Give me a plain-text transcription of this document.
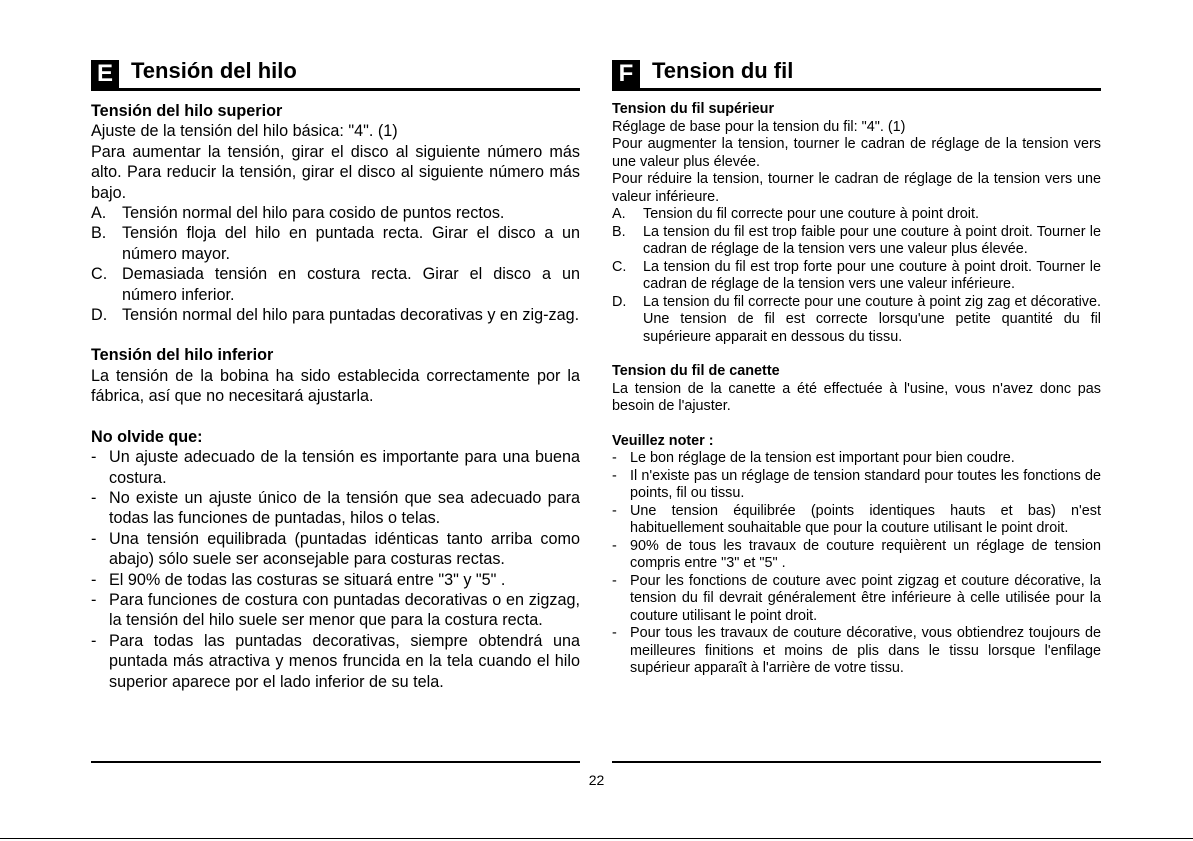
E Tensión del hilo

Tensión del hilo superior

Ajuste de la tensión del hilo básica: "4". (1)

Para aumentar la tensión, girar el disco al siguiente número más alto. Para reducir la tensión, girar el disco al siguiente número más bajo.

A. Tensión normal del hilo para cosido de puntos rectos.
B. Tensión floja del hilo en puntada recta. Girar el disco a un número mayor.
C. Demasiada tensión en costura recta. Girar el disco a un número inferior.
D. Tensión normal del hilo para puntadas decorativas y en zig-zag.

Tensión del hilo inferior

La tensión de la bobina ha sido establecida correctamente por la fábrica, así que no necesitará ajustarla.

No olvide que:

- Un ajuste adecuado de la tensión es importante para una buena costura.
- No existe un ajuste único de la tensión que sea adecuado para todas las funciones de puntadas, hilos o telas.
- Una tensión equilibrada (puntadas idénticas tanto arriba como abajo) sólo suele ser aconsejable para costuras rectas.
- El 90% de todas las costuras se situará entre "3" y "5" .
- Para funciones de costura con puntadas decorativas o en zigzag, la tensión del hilo suele ser menor que para la costura recta.
- Para todas las puntadas decorativas, siempre obtendrá una puntada más atractiva y menos fruncida en la tela cuando el hilo superior aparece por el lado inferior de su tela.
F Tension du fil

Tension du fil supérieur

Réglage de base pour la tension du fil: "4". (1)

Pour augmenter la tension, tourner le cadran de réglage de la tension vers une valeur plus élevée.

Pour réduire la tension, tourner le cadran de réglage de la tension vers une valeur inférieure.

A.	Tension du fil correcte pour une couture à point droit.
B.	La tension du fil est trop faible pour une couture à point droit. Tourner le cadran de réglage de la tension vers une valeur plus élevée.
C.	La tension du fil est trop forte pour une couture à point droit. Tourner le cadran de réglage de la tension vers une valeur inférieure.
D.	La tension du fil correcte pour une couture à point zig zag et décorative. Une tension de fil est correcte lorsqu'une petite quantité du fil supérieure apparait en dessous du tissu.

Tension du fil de canette

La tension de la canette a été effectuée à l'usine, vous n'avez donc pas besoin de l'ajuster.

Veuillez noter :

- Le bon réglage de la tension est important pour bien coudre.
- Il n'existe pas un réglage de tension standard pour toutes les fonctions de points, fil ou tissu.
- Une tension équilibrée (points identiques hauts et bas) n'est habituellement souhaitable que pour la couture utilisant le point droit.
- 90% de tous les travaux de couture requièrent un réglage de tension compris entre "3" et "5" .
- Pour les fonctions de couture avec point zigzag et couture décorative, la tension du fil devrait généralement être inférieure à celle utilisée pour la couture utilisant le point droit.
- Pour tous les travaux de couture décorative, vous obtiendrez toujours de meilleures finitions et moins de plis dans le tissu lorsque l'enfilage supérieur apparaît à l'arrière de votre tissu.
22
